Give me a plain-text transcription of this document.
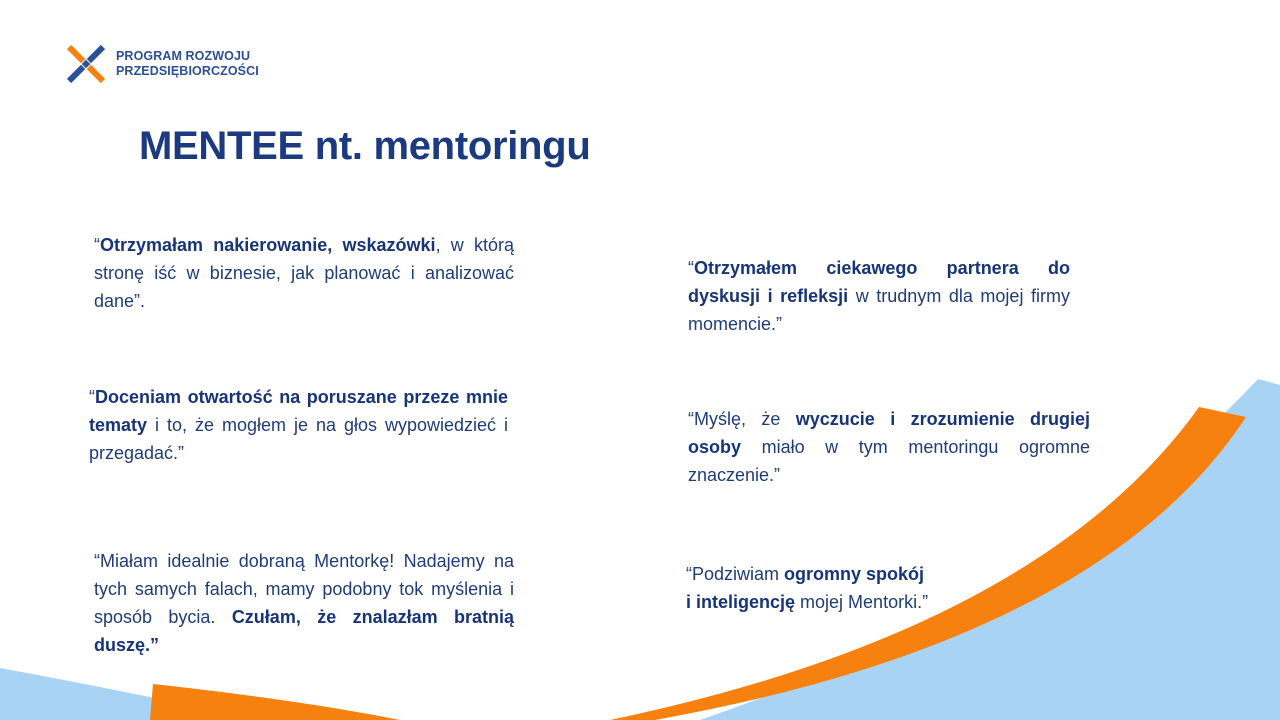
PROGRAM ROZWOJU
PRZEDSIĘBIORCZOŚCI
MENTEE nt. mentoringu
“Otrzymałam nakierowanie, wskazówki, w którą stronę iść w biznesie, jak planować i analizować dane”.
“Doceniam otwartość na poruszane przeze mnie tematy i to, że mogłem je na głos wypowiedzieć i przegadać.”
“Miałam idealnie dobraną Mentorkę! Nadajemy na tych samych falach, mamy podobny tok myślenia i sposób bycia. Czułam, że znalazłam bratnią duszę.”
“Otrzymałem ciekawego partnera do dyskusji i refleksji w trudnym dla mojej firmy momencie.”
“Myślę, że wyczucie i zrozumienie drugiej osoby miało w tym mentoringu ogromne znaczenie.”
“Podziwiam ogromny spokój
i inteligencję mojej Mentorki.”
